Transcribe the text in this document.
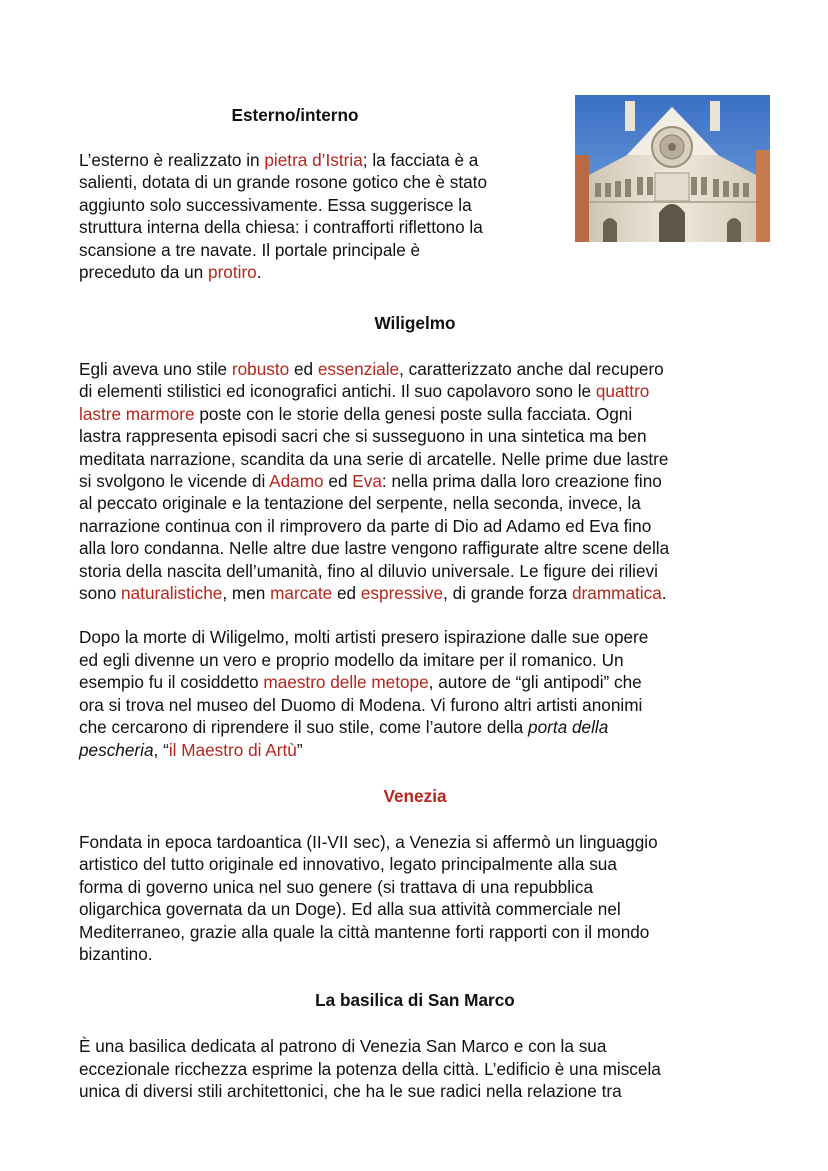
Esterno/interno

L’esterno è realizzato in pietra d’Istria; la facciata è a

salienti, dotata di un grande rosone gotico che è stato

aggiunto solo successivamente. Essa suggerisce la

struttura interna della chiesa: i contrafforti riflettono la

scansione a tre navate. Il portale principale è

preceduto da un protiro.

Wiligelmo

Egli aveva uno stile robusto ed essenziale, caratterizzato anche dal recupero

di elementi stilistici ed iconografici antichi. Il suo capolavoro sono le quattro

lastre marmore poste con le storie della genesi poste sulla facciata. Ogni

lastra rappresenta episodi sacri che si susseguono in una sintetica ma ben

meditata narrazione, scandita da una serie di arcatelle. Nelle prime due lastre

si svolgono le vicende di Adamo ed Eva: nella prima dalla loro creazione fino

al peccato originale e la tentazione del serpente, nella seconda, invece, la

narrazione continua con il rimprovero da parte di Dio ad Adamo ed Eva fino

alla loro condanna. Nelle altre due lastre vengono raffigurate altre scene della

storia della nascita dell’umanità, fino al diluvio universale. Le figure dei rilievi

sono naturalistiche, men marcate ed espressive, di grande forza drammatica.

Dopo la morte di Wiligelmo, molti artisti presero ispirazione dalle sue opere

ed egli divenne un vero e proprio modello da imitare per il romanico. Un

esempio fu il cosiddetto maestro delle metope, autore de “gli antipodi” che

ora si trova nel museo del Duomo di Modena. Vi furono altri artisti anonimi

che cercarono di riprendere il suo stile, come l’autore della porta della

pescheria, “il Maestro di Artù”

Venezia

Fondata in epoca tardoantica (II-VII sec), a Venezia si affermò un linguaggio

artistico del tutto originale ed innovativo, legato principalmente alla sua

forma di governo unica nel suo genere (si trattava di una repubblica

oligarchica governata da un Doge). Ed alla sua attività commerciale nel

Mediterraneo, grazie alla quale la città mantenne forti rapporti con il mondo

bizantino.

La basilica di San Marco

È una basilica dedicata al patrono di Venezia San Marco e con la sua

eccezionale ricchezza esprime la potenza della città. L’edificio è una miscela

unica di diversi stili architettonici, che ha le sue radici nella relazione tra
